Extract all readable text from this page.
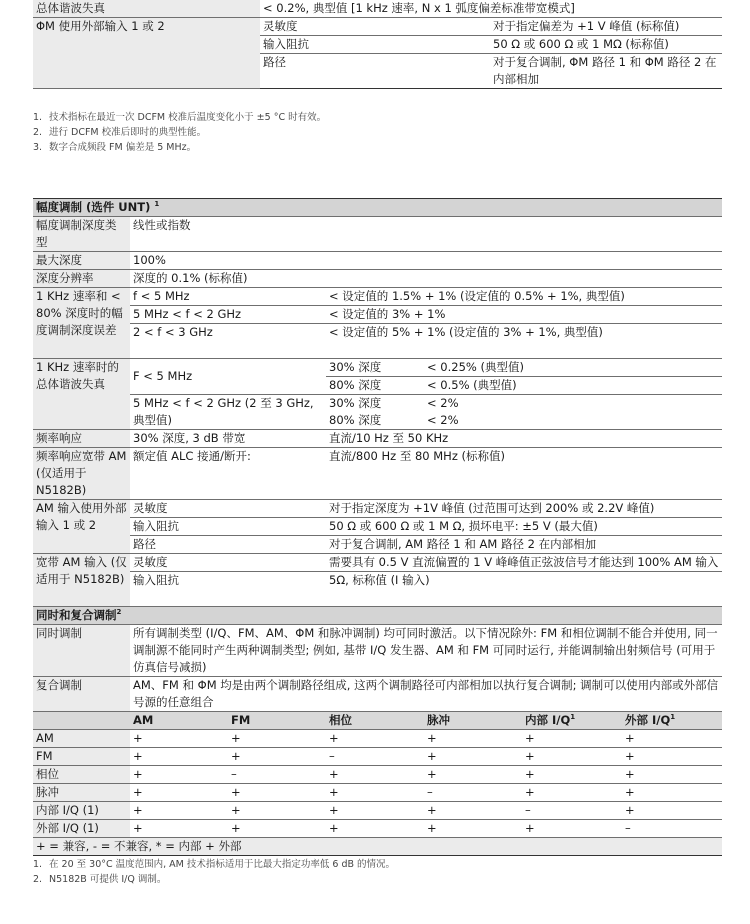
总体谐波失真	< 0.2%, 典型值 [1 kHz 速率, N x 1 弧度偏差标准带宽模式]	
ΦM 使用外部输入 1 或 2	灵敏度	对于指定偏差为 +1 V 峰值 (标称值)
	输入阻抗	50 Ω 或 600 Ω 或 1 MΩ (标称值)
	路径	对于复合调制, ΦM 路径 1 和 ΦM 路径 2 在内部相加
1. 技术指标在最近一次 DCFM 校准后温度变化小于 ±5 °C 时有效。
2. 进行 DCFM 校准后即时的典型性能。
3. 数字合成频段 FM 偏差是 5 MHz。
幅度调制 (选件 UNT) $^1$
幅度调制深度类型	线性或指数					
最大深度	100%					
深度分辨率	深度的 0.1% (标称值)					
1 KHz 速率和 < 80% 深度时的幅度调制深度误差	f < 5 MHz		< 设定值的 1.5% + 1% (设定值的 0.5% + 1%, 典型值)			
	5 MHz < f < 2 GHz		< 设定值的 3% + 1%			
	2 < f < 3 GHz		< 设定值的 5% + 1% (设定值的 3% + 1%, 典型值)			
1 KHz 速率时的总体谐波失真	F < 5 MHz		30% 深度	< 0.25% (典型值)		
			80% 深度	< 0.5% (典型值)		
	5 MHz < f < 2 GHz (2 至 3 GHz, 典型值)		30% 深度	< 2%		
			80% 深度	< 2%		
频率响应	30% 深度, 3 dB 带宽		直流/10 Hz 至 50 KHz			
频率响应宽带 AM (仅适用于 N5182B)	额定值 ALC 接通/断开:		直流/800 Hz 至 80 MHz (标称值)			
AM 输入使用外部输入 1 或 2	灵敏度		对于指定深度为 +1V 峰值 (过范围可达到 200% 或 2.2V 峰值)			
	输入阻抗		50 Ω 或 600 Ω 或 1 M Ω, 损坏电平: ±5 V (最大值)			
	路径		对于复合调制, AM 路径 1 和 AM 路径 2 在内部相加			
宽带 AM 输入 (仅适用于 N5182B)	灵敏度		需要具有 0.5 V 直流偏置的 1 V 峰峰值正弦波信号才能达到 100% AM 输入			
	输入阻抗		5Ω, 标称值 (I 输入)			
同时和复合调制$^2$
同时调制	所有调制类型 (I/Q、FM、AM、ΦM 和脉冲调制) 均可同时激活。以下情况除外: FM 和相位调制不能合并使用, 同一调制源不能同时产生两种调制类型; 例如, 基带 I/Q 发生器、AM 和 FM 可同时运行, 并能调制输出射频信号 (可用于仿真信号减损)					
复合调制	AM、FM 和 ΦM 均是由两个调制路径组成, 这两个调制路径可内部相加以执行复合调制; 调制可以使用内部或外部信号源的任意组合					
	AM	FM	相位	脉冲	内部 $I/Q^1$	外部 $I/Q^1$
AM	+	+	+	+	+	+
FM	+	+	–	+	+	+
相位	+	–	+	+	+	+
脉冲	+	+	+	–	+	+
内部 I/Q (1)	+	+	+	+	–	+
外部 I/Q (1)	+	+	+	+	+	–
+ = 兼容, - = 不兼容, * = 内部 + 外部						
1. 在 20 至 30°C 温度范围内, AM 技术指标适用于比最大指定功率低 6 dB 的情况。
2. N5182B 可提供 I/Q 调制。
